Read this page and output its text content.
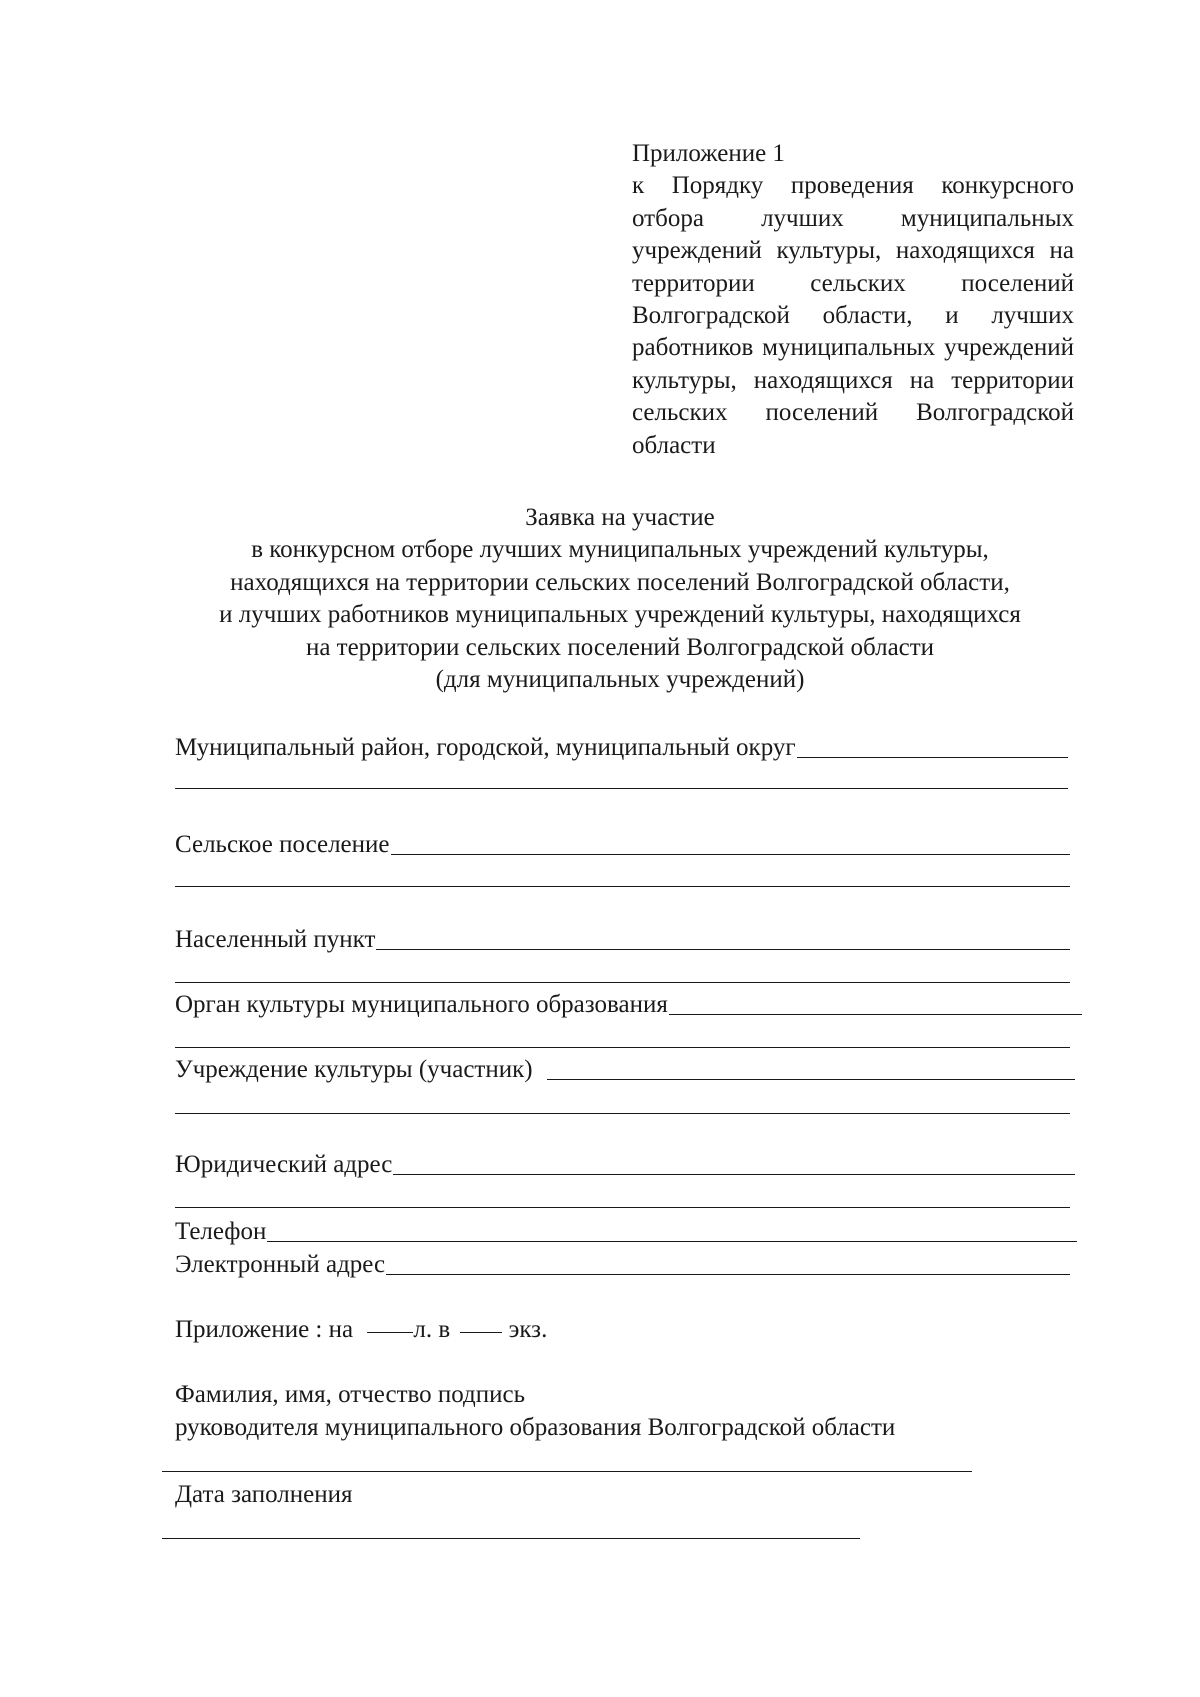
Приложение 1
к Порядку проведения конкурсного отбора лучших муниципальных учреждений культуры, находящихся на территории сельских поселений Волгоградской области, и лучших работников муниципальных учреждений культуры, находящихся на территории сельских поселений Волгоградской области
Заявка на участие
в конкурсном отборе лучших муниципальных учреждений культуры,
находящихся на территории сельских поселений Волгоградской области,
и лучших работников муниципальных учреждений культуры, находящихся
на территории сельских поселений Волгоградской области
(для муниципальных учреждений)
Муниципальный район, городской, муниципальный округ
Сельское поселение
Населенный пункт
Орган культуры муниципального образования
Учреждение культуры (участник)
Юридический адрес
Телефон
Электронный адрес
Приложение : на л. в экз.
Фамилия, имя, отчество подпись
руководителя муниципального образования Волгоградской области
Дата заполнения
